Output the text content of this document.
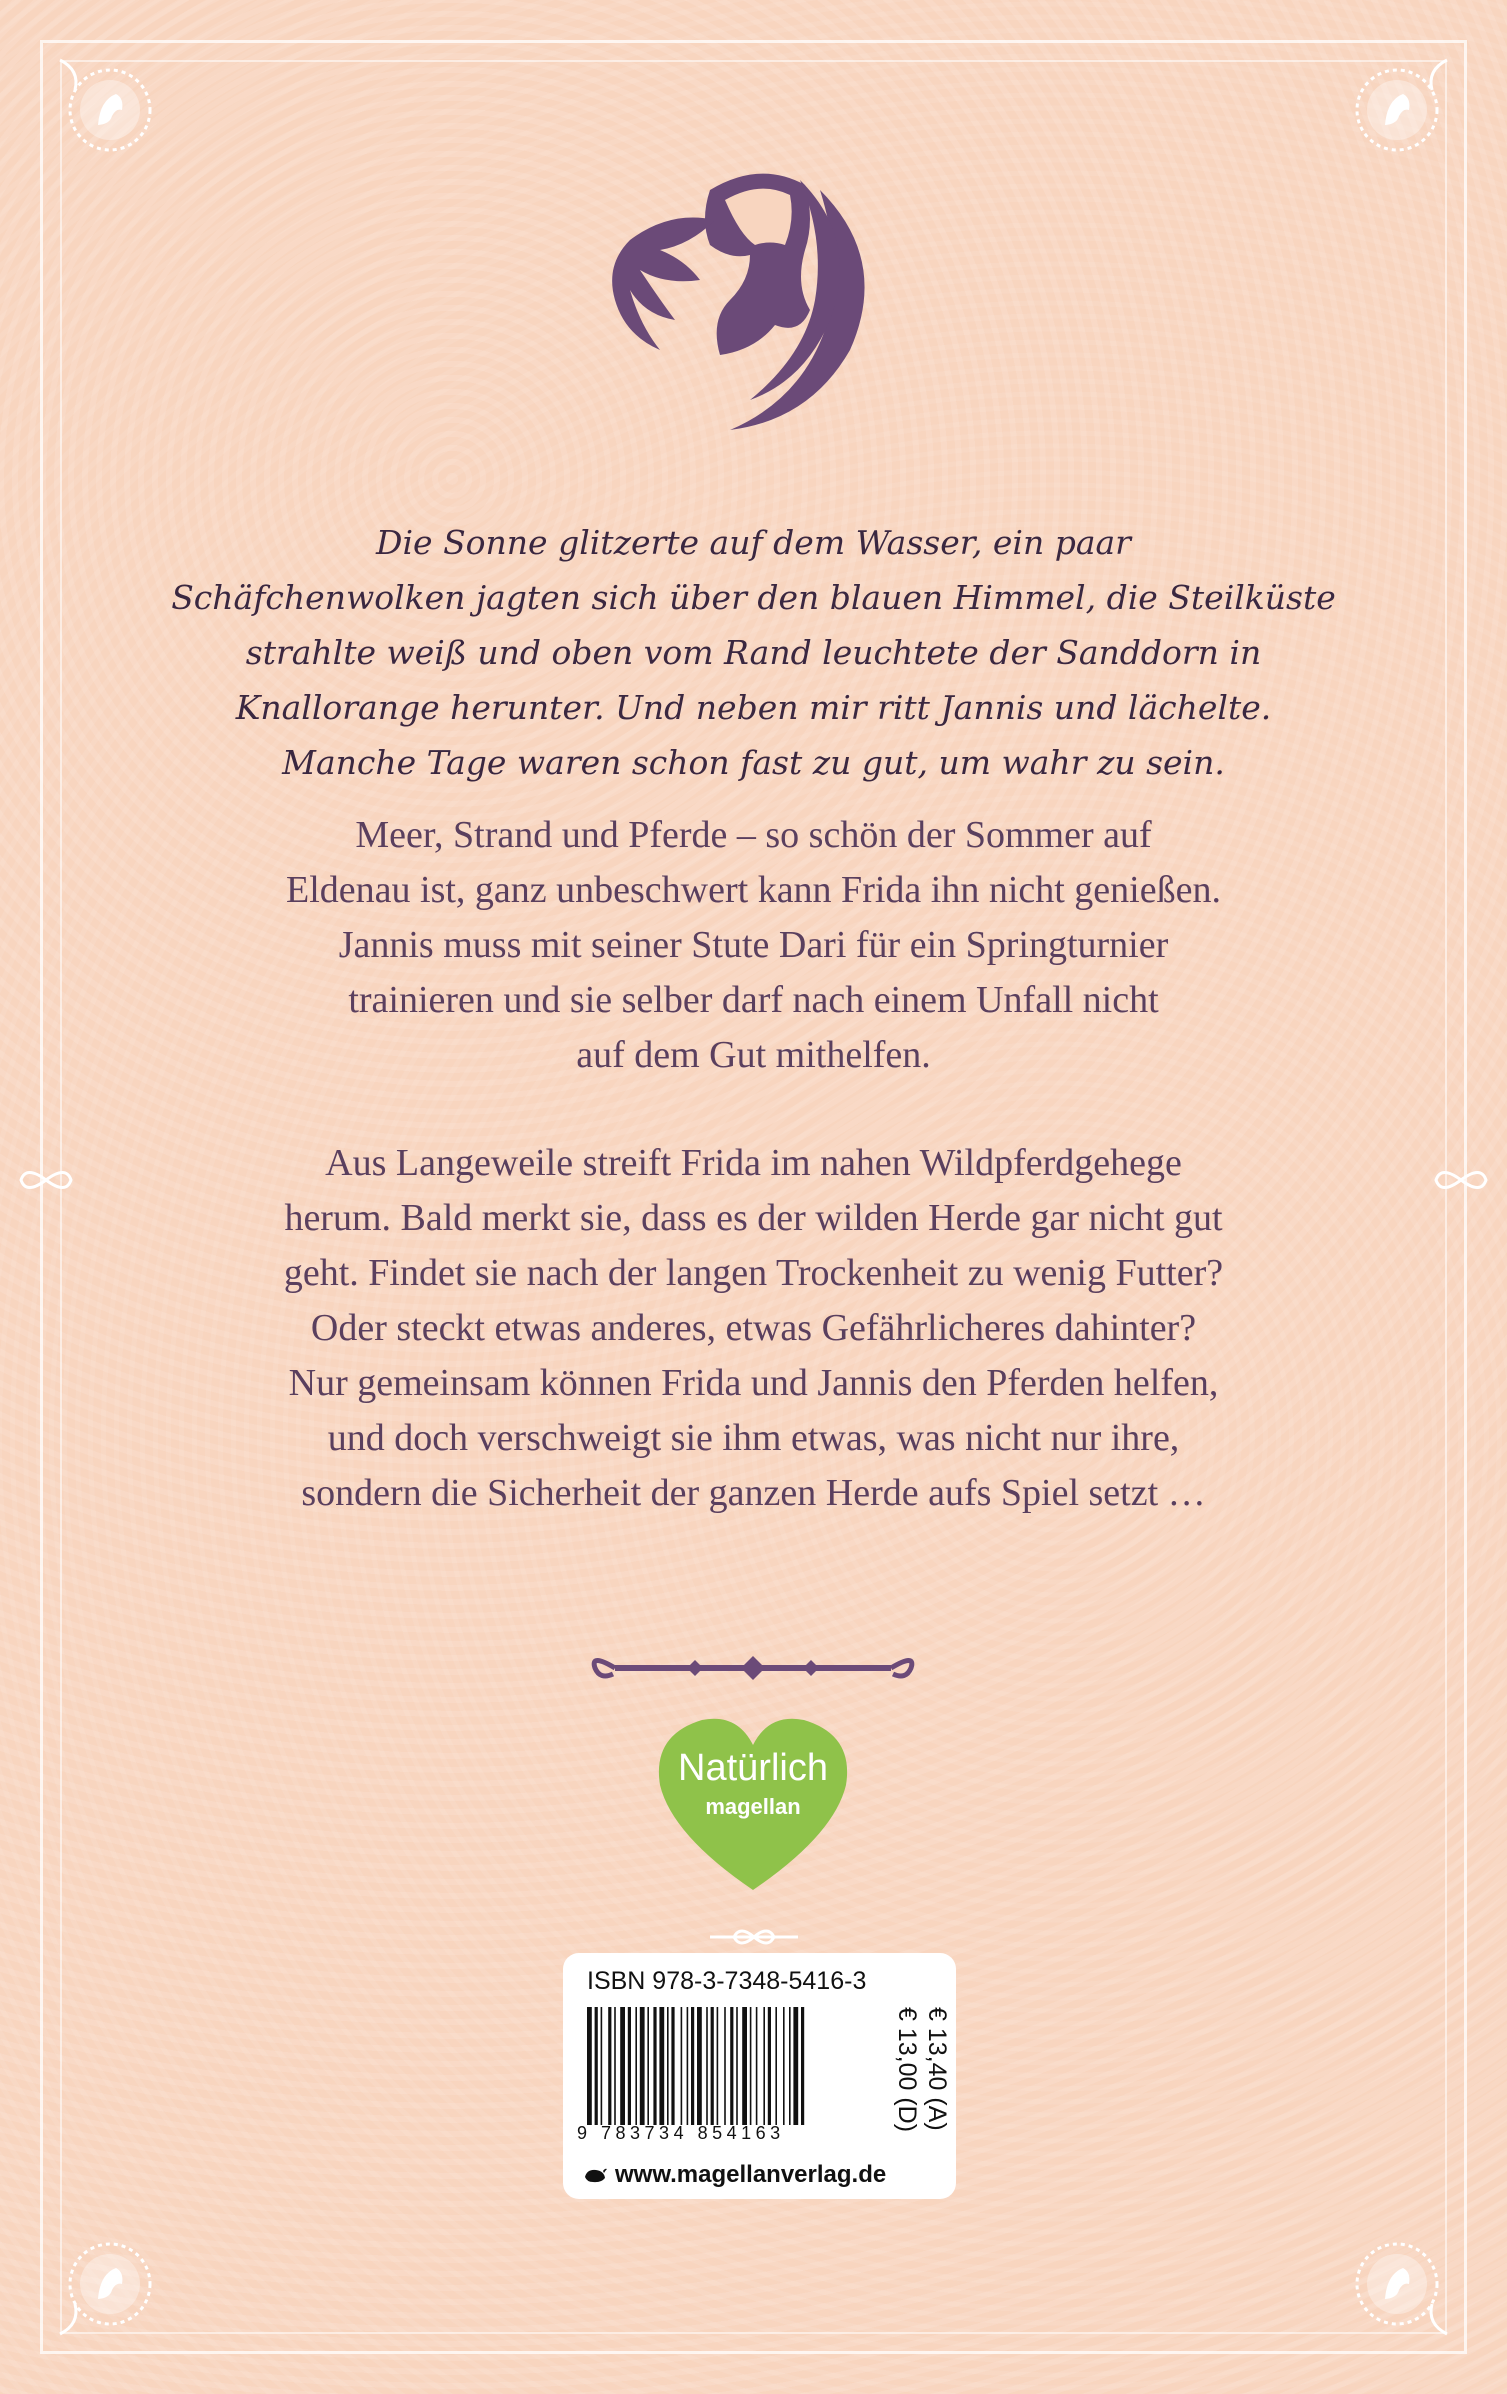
Die Sonne glitzerte auf dem Wasser, ein paar

Schäfchenwolken jagten sich über den blauen Himmel, die Steilküste

strahlte weiß und oben vom Rand leuchtete der Sanddorn in

Knallorange herunter. Und neben mir ritt Jannis und lächelte.

Manche Tage waren schon fast zu gut, um wahr zu sein.

Meer, Strand und Pferde – so schön der Sommer auf

Eldenau ist, ganz unbeschwert kann Frida ihn nicht genießen.

Jannis muss mit seiner Stute Dari für ein Springturnier

trainieren und sie selber darf nach einem Unfall nicht

auf dem Gut mithelfen.

Aus Langeweile streift Frida im nahen Wildpferdgehege

herum. Bald merkt sie, dass es der wilden Herde gar nicht gut

geht. Findet sie nach der langen Trockenheit zu wenig Futter?

Oder steckt etwas anderes, etwas Gefährlicheres dahinter?

Nur gemeinsam können Frida und Jannis den Pferden helfen,

und doch verschweigt sie ihm etwas, was nicht nur ihre,

sondern die Sicherheit der ganzen Herde aufs Spiel setzt …

Natürlich
magellan
ISBN 978-3-7348-5416-3
9 783734 854163
€ 13,00 (D) € 13,40 (A)
www.magellanverlag.de
